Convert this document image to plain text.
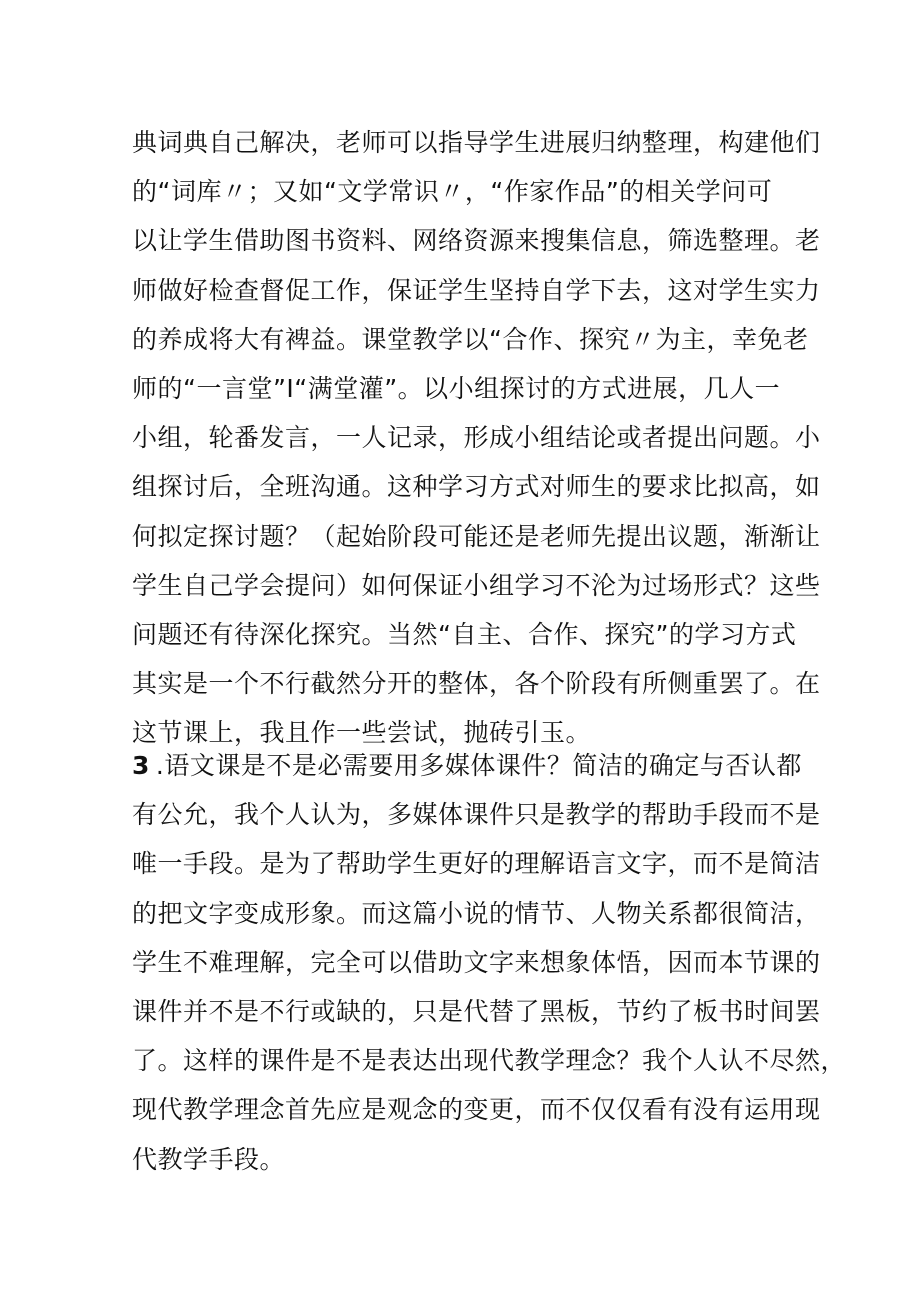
典词典自己解决，老师可以指导学生进展归纳整理，构建他们
的“词库〃；又如“文学常识〃，“作家作品”的相关学问可
以让学生借助图书资料、网络资源来搜集信息，筛选整理。老
师做好检查督促工作，保证学生坚持自学下去，这对学生实力
的养成将大有裨益。课堂教学以“合作、探究〃为主，幸免老
师的“一言堂”I“满堂灌”。以小组探讨的方式进展，几人一
小组，轮番发言，一人记录，形成小组结论或者提出问题。小
组探讨后，全班沟通。这种学习方式对师生的要求比拟高，如
何拟定探讨题？（起始阶段可能还是老师先提出议题，渐渐让
学生自己学会提问）如何保证小组学习不沦为过场形式？这些
问题还有待深化探究。当然“自主、合作、探究”的学习方式
其实是一个不行截然分开的整体，各个阶段有所侧重罢了。在
这节课上，我且作一些尝试，抛砖引玉。
3 .语文课是不是必需要用多媒体课件？简洁的确定与否认都
有公允，我个人认为，多媒体课件只是教学的帮助手段而不是
唯一手段。是为了帮助学生更好的理解语言文字，而不是简洁
的把文字变成形象。而这篇小说的情节、人物关系都很简洁，
学生不难理解，完全可以借助文字来想象体悟，因而本节课的
课件并不是不行或缺的，只是代替了黑板，节约了板书时间罢
了。这样的课件是不是表达出现代教学理念？我个人认不尽然，
现代教学理念首先应是观念的变更，而不仅仅看有没有运用现
代教学手段。
